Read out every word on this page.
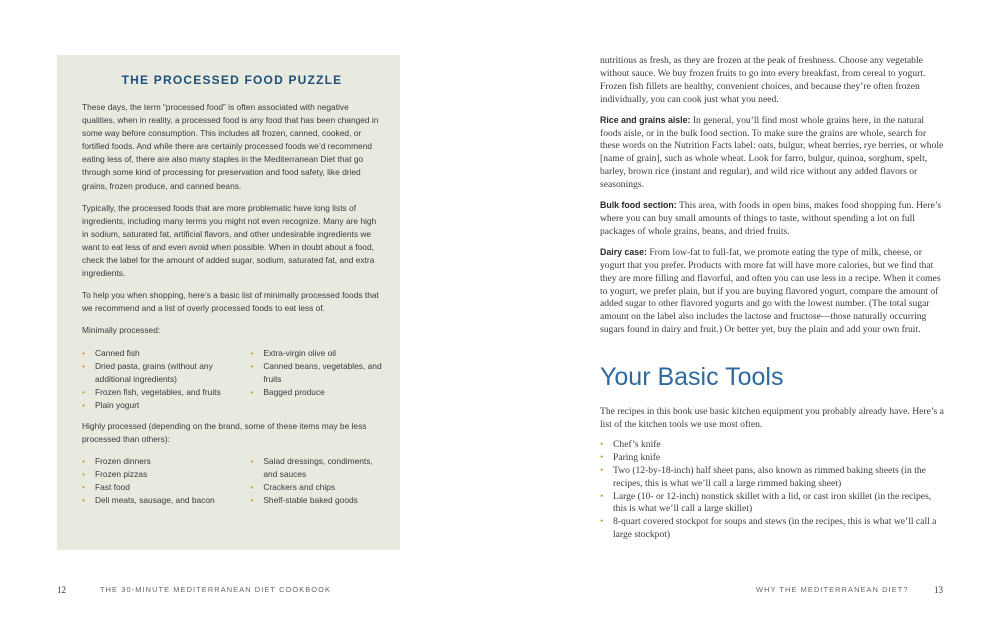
THE PROCESSED FOOD PUZZLE

These days, the term “processed food” is often associated with negative qualities, when in reality, a processed food is any food that has been changed in some way before consumption. This includes all frozen, canned, cooked, or fortified foods. And while there are certainly processed foods we’d recommend eating less of, there are also many staples in the Mediterranean Diet that go through some kind of processing for preservation and food safety, like dried grains, frozen produce, and canned beans.

Typically, the processed foods that are more problematic have long lists of ingredients, including many terms you might not even recognize. Many are high in sodium, saturated fat, artificial flavors, and other undesirable ingredients we want to eat less of and even avoid when possible. When in doubt about a food, check the label for the amount of added sugar, sodium, saturated fat, and extra ingredients.

To help you when shopping, here’s a basic list of minimally processed foods that we recommend and a list of overly processed foods to eat less of.

Minimally processed:

• Canned fish
• Dried pasta, grains (without any additional ingredients)
• Frozen fish, vegetables, and fruits
• Plain yogurt
• Extra-virgin olive oil
• Canned beans, vegetables, and fruits
• Bagged produce

Highly processed (depending on the brand, some of these items may be less processed than others):

• Frozen dinners
• Frozen pizzas
• Fast food
• Deli meats, sausage, and bacon
• Salad dressings, condiments, and sauces
• Crackers and chips
• Shelf-stable baked goods

nutritious as fresh, as they are frozen at the peak of freshness. Choose any vegetable without sauce. We buy frozen fruits to go into every breakfast, from cereal to yogurt. Frozen fish fillets are healthy, convenient choices, and because they’re often frozen individually, you can cook just what you need.

Rice and grains aisle: In general, you’ll find most whole grains here, in the natural foods aisle, or in the bulk food section. To make sure the grains are whole, search for these words on the Nutrition Facts label: oats, bulgur, wheat berries, rye berries, or whole [name of grain], such as whole wheat. Look for farro, bulgur, quinoa, sorghum, spelt, barley, brown rice (instant and regular), and wild rice without any added flavors or seasonings.

Bulk food section: This area, with foods in open bins, makes food shopping fun. Here’s where you can buy small amounts of things to taste, without spending a lot on full packages of whole grains, beans, and dried fruits.

Dairy case: From low-fat to full-fat, we promote eating the type of milk, cheese, or yogurt that you prefer. Products with more fat will have more calories, but we find that they are more filling and flavorful, and often you can use less in a recipe. When it comes to yogurt, we prefer plain, but if you are buying flavored yogurt, compare the amount of added sugar to other flavored yogurts and go with the lowest number. (The total sugar amount on the label also includes the lactose and fructose—those naturally occurring sugars found in dairy and fruit.) Or better yet, buy the plain and add your own fruit.

Your Basic Tools

The recipes in this book use basic kitchen equipment you probably already have. Here’s a list of the kitchen tools we use most often.

• Chef’s knife
• Paring knife
• Two (12-by-18-inch) half sheet pans, also known as rimmed baking sheets (in the recipes, this is what we’ll call a large rimmed baking sheet)
• Large (10- or 12-inch) nonstick skillet with a lid, or cast iron skillet (in the recipes, this is what we’ll call a large skillet)
• 8-quart covered stockpot for soups and stews (in the recipes, this is what we’ll call a large stockpot)
12	THE 30-MINUTE MEDITERRANEAN DIET COOKBOOK	WHY THE MEDITERRANEAN DIET?	13
